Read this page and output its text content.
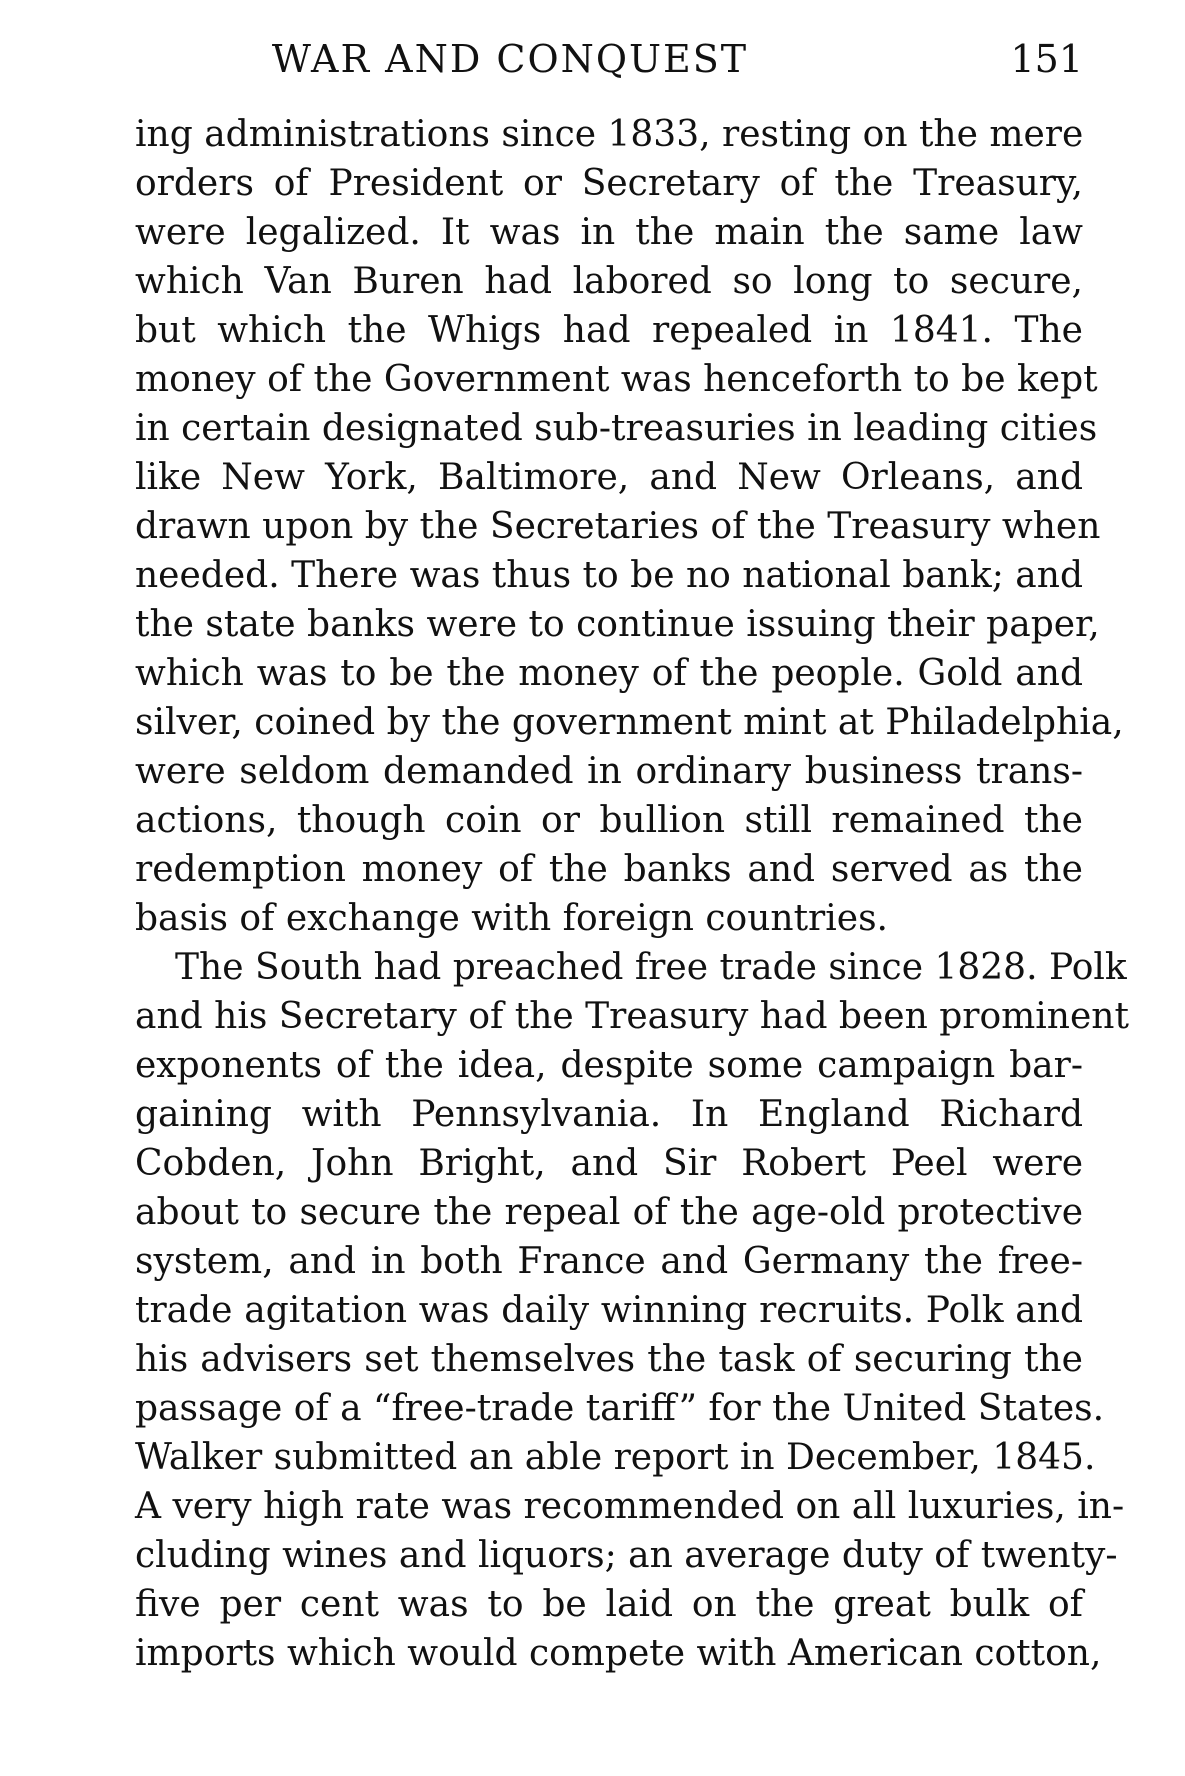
WAR AND CONQUEST	151
ing administrations since 1833, resting on the mere
orders of President or Secretary of the Treasury,
were legalized. It was in the main the same law
which Van Buren had labored so long to secure,
but which the Whigs had repealed in 1841. The
money of the Government was henceforth to be kept
in certain designated sub-treasuries in leading cities
like New York, Baltimore, and New Orleans, and
drawn upon by the Secretaries of the Treasury when
needed. There was thus to be no national bank; and
the state banks were to continue issuing their paper,
which was to be the money of the people. Gold and
silver, coined by the government mint at Philadelphia,
were seldom demanded in ordinary business trans-
actions, though coin or bullion still remained the
redemption money of the banks and served as the
basis of exchange with foreign countries.
The South had preached free trade since 1828. Polk
and his Secretary of the Treasury had been prominent
exponents of the idea, despite some campaign bar-
gaining with Pennsylvania. In England Richard
Cobden, John Bright, and Sir Robert Peel were
about to secure the repeal of the age-old protective
system, and in both France and Germany the free-
trade agitation was daily winning recruits. Polk and
his advisers set themselves the task of securing the
passage of a “free-trade tariff” for the United States.
Walker submitted an able report in December, 1845.
A very high rate was recommended on all luxuries, in-
cluding wines and liquors; an average duty of twenty-
five per cent was to be laid on the great bulk of
imports which would compete with American cotton,
